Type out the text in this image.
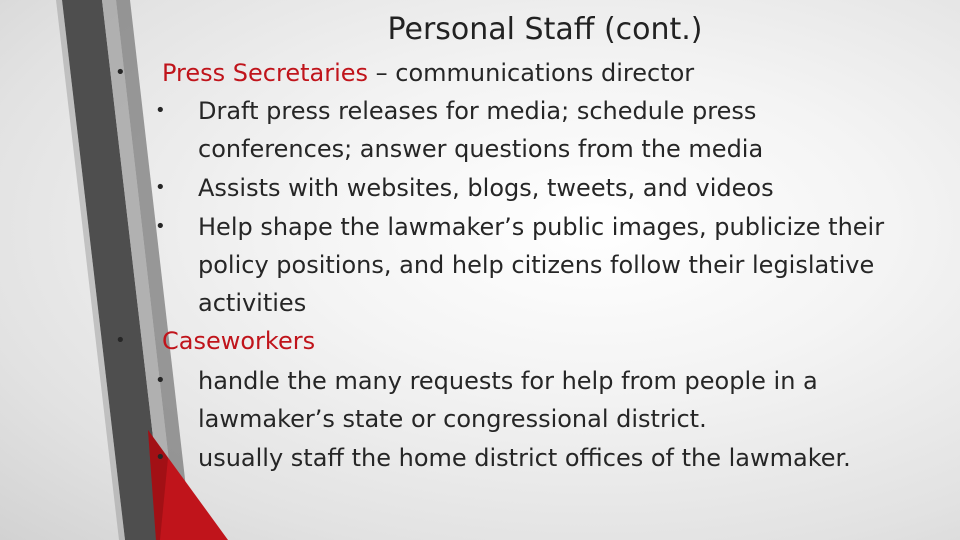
Personal Staff (cont.)
• Press Secretaries – communications director
• Draft press releases for media; schedule press
conferences; answer questions from the media
• Assists with websites, blogs, tweets, and videos
• Help shape the lawmaker’s public images, publicize their
policy positions, and help citizens follow their legislative
activities
• Caseworkers
• handle the many requests for help from people in a
lawmaker’s state or congressional district.
• usually staff the home district offices of the lawmaker.
